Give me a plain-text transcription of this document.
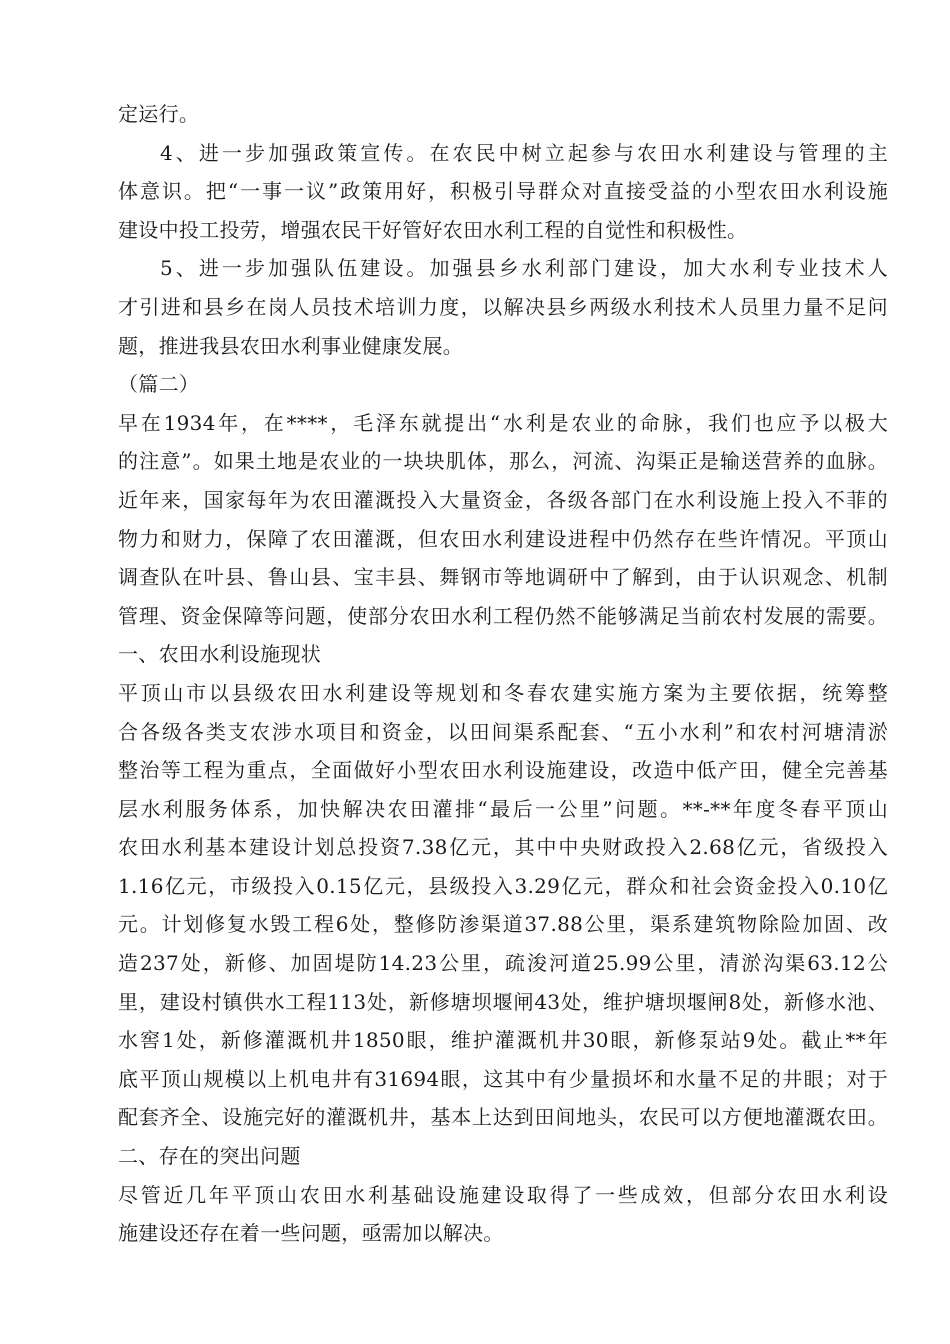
定运行。
4、进一步加强政策宣传。在农民中树立起参与农田水利建设与管理的主
体意识。把“一事一议”政策用好，积极引导群众对直接受益的小型农田水利设施
建设中投工投劳，增强农民干好管好农田水利工程的自觉性和积极性。
5、进一步加强队伍建设。加强县乡水利部门建设，加大水利专业技术人
才引进和县乡在岗人员技术培训力度，以解决县乡两级水利技术人员里力量不足问
题，推进我县农田水利事业健康发展。
（篇二）
早在1934年，在****，毛泽东就提出“水利是农业的命脉，我们也应予以极大
的注意”。如果土地是农业的一块块肌体，那么，河流、沟渠正是输送营养的血脉。
近年来，国家每年为农田灌溉投入大量资金，各级各部门在水利设施上投入不菲的
物力和财力，保障了农田灌溉，但农田水利建设进程中仍然存在些许情况。平顶山
调查队在叶县、鲁山县、宝丰县、舞钢市等地调研中了解到，由于认识观念、机制
管理、资金保障等问题，使部分农田水利工程仍然不能够满足当前农村发展的需要。
一、农田水利设施现状
平顶山市以县级农田水利建设等规划和冬春农建实施方案为主要依据，统筹整
合各级各类支农涉水项目和资金，以田间渠系配套、“五小水利”和农村河塘清淤
整治等工程为重点，全面做好小型农田水利设施建设，改造中低产田，健全完善基
层水利服务体系，加快解决农田灌排“最后一公里”问题。**-**年度冬春平顶山
农田水利基本建设计划总投资7.38亿元，其中中央财政投入2.68亿元，省级投入
1.16亿元，市级投入0.15亿元，县级投入3.29亿元，群众和社会资金投入0.10亿
元。计划修复水毁工程6处，整修防渗渠道37.88公里，渠系建筑物除险加固、改
造237处，新修、加固堤防14.23公里，疏浚河道25.99公里，清淤沟渠63.12公
里，建设村镇供水工程113处，新修塘坝堰闸43处，维护塘坝堰闸8处，新修水池、
水窖1处，新修灌溉机井1850眼，维护灌溉机井30眼，新修泵站9处。截止**年
底平顶山规模以上机电井有31694眼，这其中有少量损坏和水量不足的井眼；对于
配套齐全、设施完好的灌溉机井，基本上达到田间地头，农民可以方便地灌溉农田。
二、存在的突出问题
尽管近几年平顶山农田水利基础设施建设取得了一些成效，但部分农田水利设
施建设还存在着一些问题，亟需加以解决。
